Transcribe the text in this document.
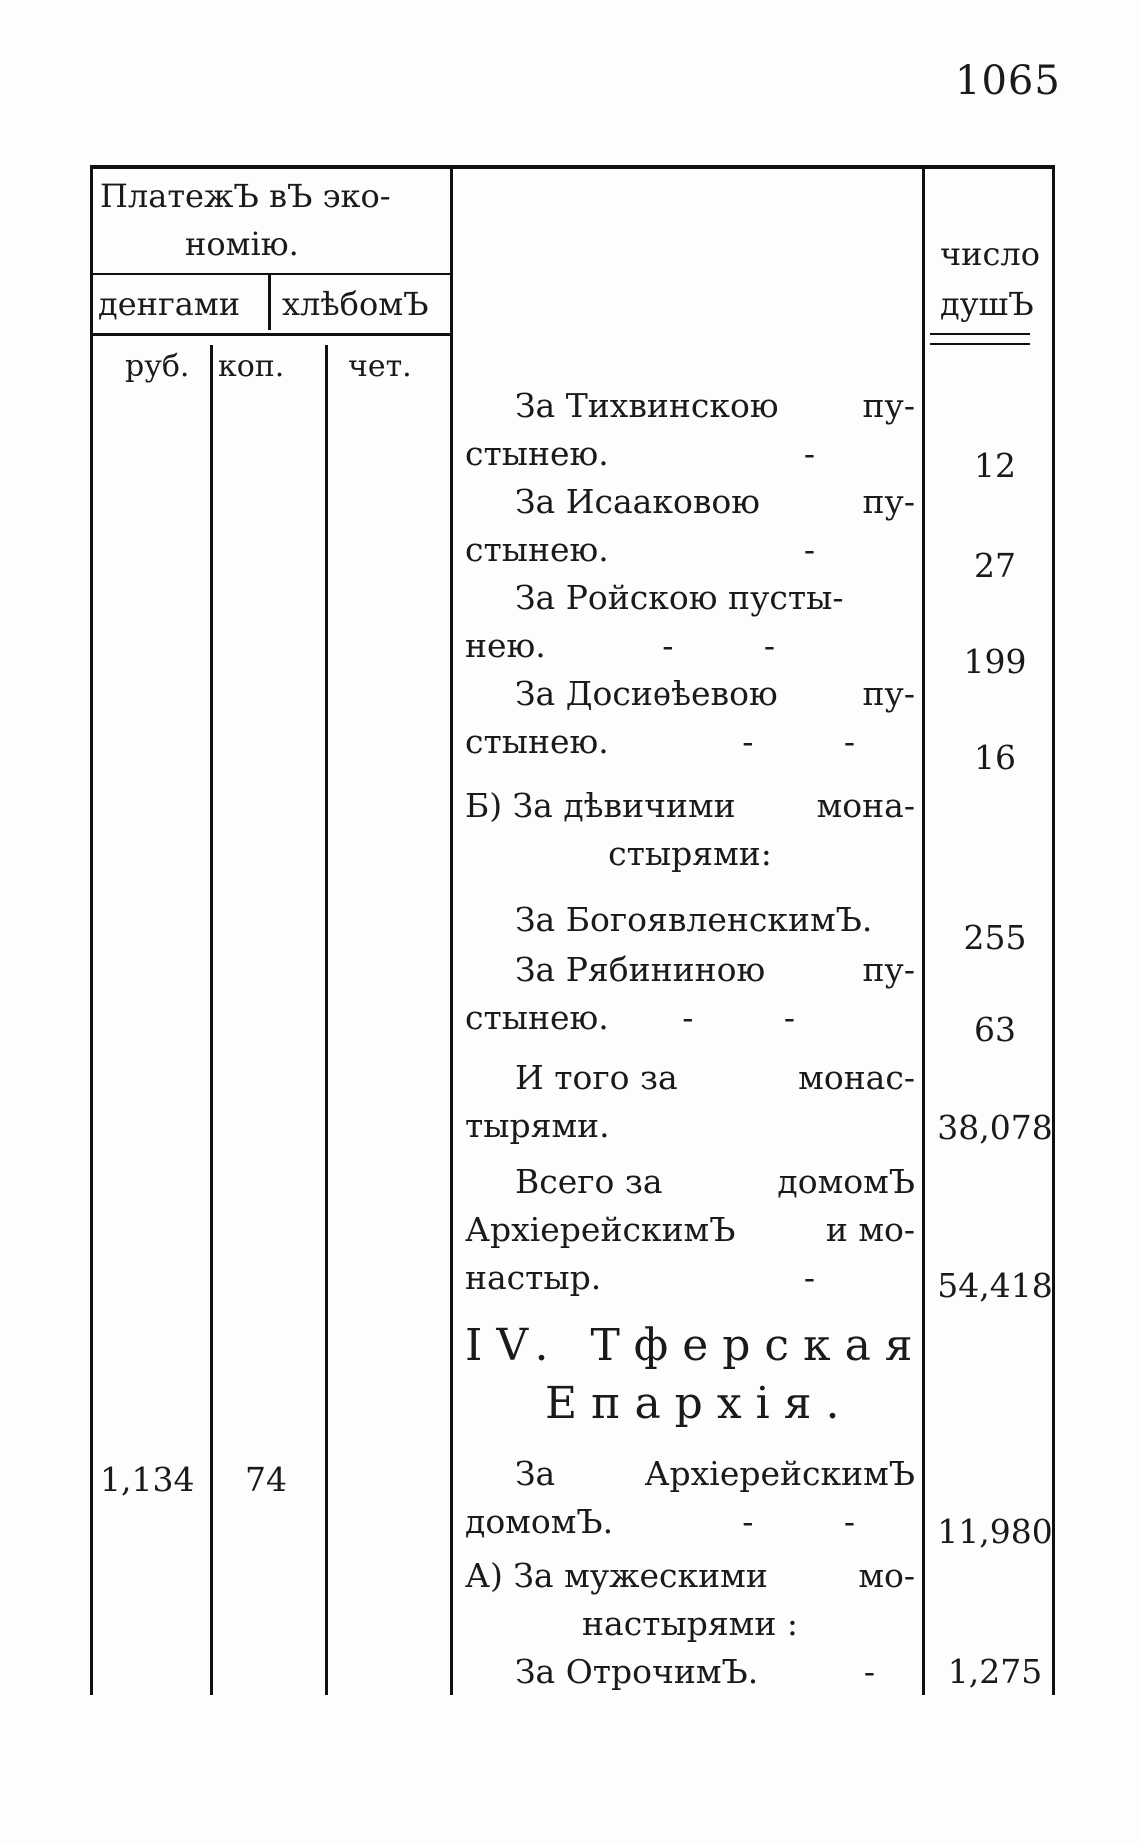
1065
ПлатежЪ вЪ эко-
номію.
денгами хлѣбомЪ
руб. коп. чет.
число
душЪ
За Тихвинскою	пу-
стынею.	-	12
За Исааковою	пу-
стынею.	-	27
За Ройскою пусты-
нею.	- -	199
За Досиѳѣевою	пу-
стынею.	- -	16
Б) За дѣвичими мона-
стырями:
За БогоявленскимЪ.	255
За Рябининою	пу-
стынею. - -	63
И того за	монас-
тырями.	38,078
Всего за	домомЪ
АрхіерейскимЪ	и мо-
настыр.	-	54,418
IV. Тферская
Епархія.
1,134 74	За	АрхіерейскимЪ
домомЪ.	- - 11,980
А) За мужескими	мо-
настырями :
За ОтрочимЪ.	-	1,275
